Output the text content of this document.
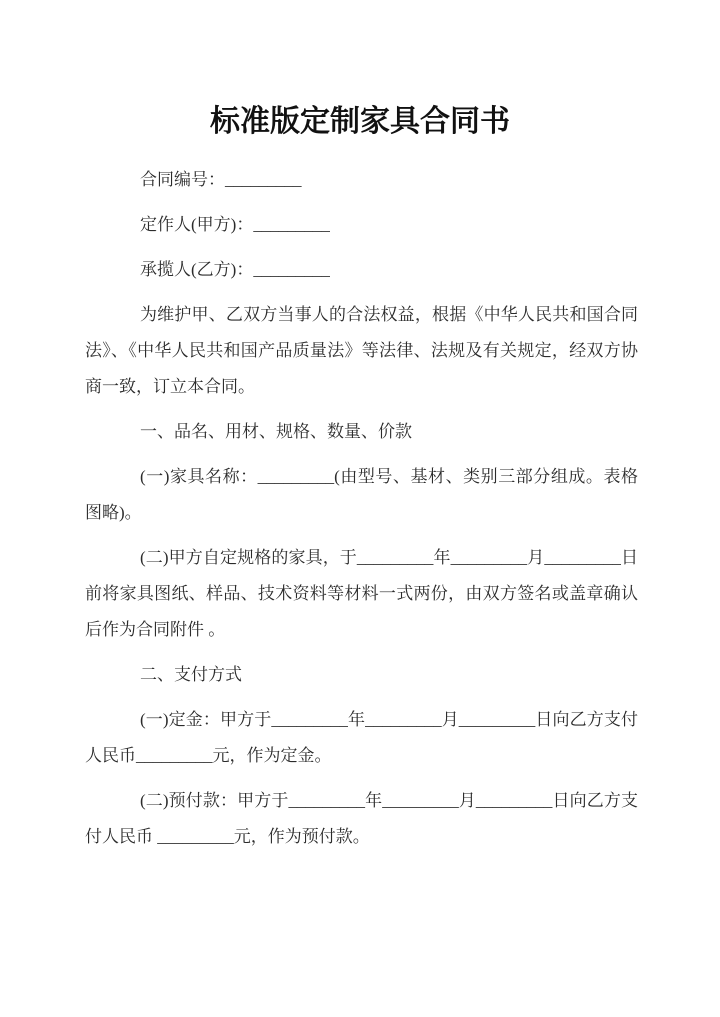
标准版定制家具合同书

合同编号：_________

定作人(甲方)：_________

承揽人(乙方)：_________

为维护甲、乙双方当事人的合法权益，根据《中华人民共和国合同法》、《中华人民共和国产品质量法》等法律、法规及有关规定，经双方协商一致，订立本合同。

一、品名、用材、规格、数量、价款

(一)家具名称：_________(由型号、基材、类别三部分组成。表格图略)。

(二)甲方自定规格的家具，于_________年_________月_________日前将家具图纸、样品、技术资料等材料一式两份，由双方签名或盖章确认后作为合同附件 。

二、支付方式

(一)定金：甲方于_________年_________月_________日向乙方支付人民币_________元，作为定金。

(二)预付款：甲方于_________年_________月_________日向乙方支付人民币 _________元，作为预付款。
